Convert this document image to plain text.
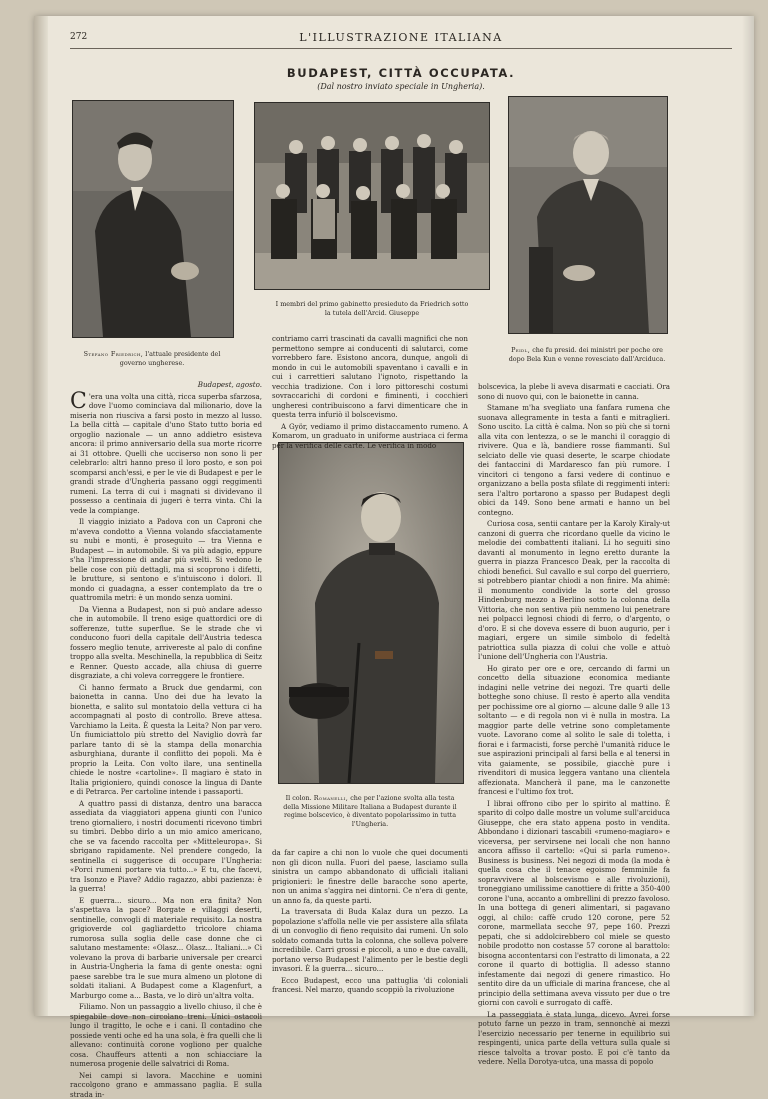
272	L'ILLUSTRAZIONE ITALIANA
BUDAPEST, CITTÀ OCCUPATA.
(Dal nostro inviato speciale in Ungheria).
Stefano Friedrich, l'attuale presidente del governo ungherese.
I membri del primo gabinetto presieduto da Friedrich sotto la tutela dell'Arcid. Giuseppe
Peidl, che fu presid. dei ministri per poche ore dopo Bela Kun e venne rovesciato dall'Arciduca.
Il colon. Romanelli, che per l'azione svolta alla testa della Missione Militare Italiana a Budapest durante il regime bolscevico, è diventato popolarissimo in tutta l'Ungheria.
Budapest, agosto.

C 'era una volta una città, ricca superba sfarzosa, dove l'uomo cominciava dal milionario, dove la miseria non riusciva a farsi posto in mezzo al lusso. La bella città — capitale d'uno Stato tutto boria ed orgoglio nazionale — un anno addietro esisteva ancora: il primo anniversario della sua morte ricorre ai 31 ottobre. Quelli che ucciserso non sono li per celebrarlo: altri hanno preso il loro posto, e son poi scomparsi anch'essi, e per le vie di Budapest e per le grandi strade d'Ungheria passano oggi reggimenti rumeni. La terra di cui i magnati si dividevano il possesso a centinaia di jugeri è terra vinta. Chi la vede la compiange.

Il viaggio iniziato a Padova con un Caproni che m'aveva condotto a Vienna volando sfacciatamente su nubi e monti, è proseguito — tra Vienna e Budapest — in automobile. Si va più adagio, eppure s'ha l'impressione di andar più svelti. Si vedono le belle cose con più dettagli, ma si scoprono i difetti, le brutture, si sentono e s'intuiscono i dolori. Il mondo ci guadagna, a esser contemplato da tre o quattromila metri: è un mondo senza uomini.

Da Vienna a Budapest, non si può andare adesso che in automobile. Il treno esige quattordici ore di sofferenze, tutte superflue. Se le strade che vi conducono fuori della capitale dell'Austria tedesca fossero meglio tenute, arrivereste al palo di confine troppo alla svelta. Meschinella, la repubblica di Seitz e Renner. Questo accade, alla chiusa di guerre disgraziate, a chi voleva correggere le frontiere.

Ci hanno fermato a Bruck due gendarmi, con baionetta in canna. Uno dei due ha levato la bionetta, e salito sul montatoio della vettura ci ha accompagnati al posto di controllo. Breve attesa. Varchiamo la Leita. È questa la Leita? Non par vero. Un fiumiciattolo più stretto del Naviglio dovrà far parlare tanto di sè la stampa della monarchia asburghiana, durante il conflitto dei popoli. Ma è proprio la Leita. Con volto ilare, una sentinella chiede le nostre «cartoline». Il magiaro è stato in Italia prigioniero, quindi conosce la lingua di Dante e di Petrarca. Per cartoline intende i passaporti.

A quattro passi di distanza, dentro una baracca assediata da viaggiatori appena giunti con l'unico treno giornaliero, i nostri documenti ricevono timbri su timbri. Debbo dirlo a un mio amico americano, che se va facendo raccolta per «Mitteleuropa». Si sbrigano rapidamente. Nel prendere congedo, la sentinella ci suggerisce di occupare l'Ungheria: «Porci rumeni portare via tutto...» E tu, che facevi, tra Isonzo e Piave? Addio ragazzo, abbi pazienza: è la guerra!

E guerra... sicuro... Ma non era finita? Non s'aspettava la pace? Borgate e villaggi deserti, sentinelle, convogli di materiale requisito. La nostra grigioverde col gagliardetto tricolore chiama rumorosa sulla soglia delle case donne che ci salutano mestamente: «Olasz... Olasz... Italiani...» Ci volevano la prova di barbarie universale per crearci in Austria-Ungheria la fama di gente onesta: ogni paese sarebbe tra le sue mura almeno un plotone di soldati italiani. A Budapest come a Klagenfurt, a Marburgo come a... Basta, ve lo dirò un'altra volta.

Filiamo. Non un passaggio a livello chiuso, il che è spiegabile dove non circolano treni. Unici ostacoli lungo il tragitto, le oche e i cani. Il contadino che possiede venti oche ed ha una sola, è fra quelli che li allevano: continuità corone vogliono per qualche cosa. Chauffeurs attenti a non schiacciare la numerosa progenie delle salvatrici di Roma.

Nei campi si lavora. Macchine e uomini raccolgono grano e ammassano paglia. E sulla strada in-

contriamo carri trascinati da cavalli magnifici che non permettono sempre ai conducenti di salutarci, come vorrebbero fare. Esistono ancora, dunque, angoli di mondo in cui le automobili spaventano i cavalli e in cui i carrettieri salutano l'ignoto, rispettando la vecchia tradizione. Con i loro pittoreschi costumi sovraccarichi di cordoni e fiminenti, i cocchieri ungheresi contribuiscono a farvi dimenticare che in questa terra infuriò il bolscevismo.

A Györ, vediamo il primo distaccamento rumeno. A Komarom, un graduato in uniforme austriaca ci ferma per la verifica delle carte. Le verifica in modo

da far capire a chi non lo vuole che quei documenti non gli dicon nulla. Fuori del paese, lasciamo sulla sinistra un campo abbandonato di ufficiali italiani prigionieri: le finestre delle baracche sono aperte, non un anima s'aggira nei dintorni. Ce n'era di gente, un anno fa, da queste parti.

La traversata di Buda Kalaz dura un pezzo. La popolazione s'affolla nelle vie per assistere alla sfilata di un convoglio di fieno requisito dai rumeni. Un solo soldato comanda tutta la colonna, che solleva polvere incredibile. Carri grossi e piccoli, a uno e due cavalli, portano verso Budapest l'alimento per le bestie degli invasori. È la guerra... sicuro...

Ecco Budapest, ecco una pattuglia 'di coloniali francesi. Nel marzo, quando scoppiò la rivoluzione

bolscevica, la plebe li aveva disarmati e cacciati. Ora sono di nuovo qui, con le baionette in canna.

Stamane m'ha svegliato una fanfara rumena che suonava allegramente in testa a fanti e mitraglieri. Sono uscito. La città è calma. Non so più che si torni alla vita con lentezza, o se le manchi il coraggio di rivivere. Qua e là, bandiere rosse fiammanti. Sul selciato delle vie quasi deserte, le scarpe chiodate dei fantaccini di Mardaresco fan più rumore. I vincitori ci tengono a farsi vedere di continuo e organizzano a bella posta sfilate di reggimenti interi: sera l'altro portarono a spasso per Budapest degli obici da 149. Sono bene armati e hanno un bel contegno.

Curiosa cosa, sentii cantare per la Karoly Kiraly-ut canzoni di guerra che ricordano quelle da vicino le melodie dei combattenti italiani. Li ho seguiti sino davanti al monumento in legno eretto durante la guerra in piazza Francesco Deak, per la raccolta di chiodi benefici. Sul cavallo e sul corpo del guerriero, si potrebbero piantar chiodi a non finire. Ma ahimè: il monumento condivide la sorte del grosso Hindenburg mezzo a Berlino sotto la colonna della Vittoria, che non sentiva più nemmeno lui penetrare nei polpacci legnosi chiodi di ferro, o d'argento, o d'oro. E si che doveva essere di buon augurio, per i magiari, ergere un simile simbolo di fedeltà patriottica sulla piazza di colui che volle e attuò l'unione dell'Ungheria con l'Austria.

Ho girato per ore e ore, cercando di farmi un concetto della situazione economica mediante indagini nelle vetrine dei negozi. Tre quarti delle botteghe sono chiuse. Il resto è aperto alla vendita per pochissime ore al giorno — alcune dalle 9 alle 13 soltanto — e di regola non vi è nulla in mostra. La maggior parte delle vetrine sono completamente vuote. Lavorano come al solito le sale di toletta, i fiorai e i farmacisti, forse perchè l'umanità riduce le sue aspirazioni principali al farsi bella e al tenersi in vita gaiamente, se possibile, giacchè pure i rivenditori di musica leggera vantano una clientela affezionata. Mancherà il pane, ma le canzonette francesi e l'ultimo fox trot.

I librai offrono cibo per lo spirito al mattino. È sparito di colpo dalle mostre un volume sull'arciduca Giuseppe, che era stato appena posto in vendita. Abbondano i dizionari tascabili «rumeno-magiaro» e viceversa, per servirsene nei locali che non hanno ancora affisso il cartello: «Qui si parla rumeno». Business is business. Nei negozi di moda (la moda è quella cosa che il tenace egoismo femminile fa sopravvivere al bolscevismo e alle rivoluzioni), troneggiano umilissime canottiere di fritte a 350-400 corone l'una, accanto a ombrellini di prezzo favoloso. In una bottega di generi alimentari, si pagavano oggi, al chilo: caffè crudo 120 corone, pere 52 corone, marmellata secche 97, pepe 160. Prezzi pepati, che si addolcirebbero col miele se questo nobile prodotto non costasse 57 corone al barattolo: bisogna accontentarsi con l'estratto di limonata, a 22 corone il quarto di bottiglia. Il adesso stanno infestamente dai negozi di genere rimastico. Ho sentito dire da un ufficiale di marina francese, che al principio della settimana aveva vissuto per due o tre giorni con cavoli e surrogato di caffè.

La passeggiata è stata lunga, dicevo. Avrei forse potuto farne un pezzo in tram, sennonchè ai mezzi l'esercizio necessario per tenerne in equilibrio sui respingenti, unica parte della vettura sulla quale si riesce talvolta a trovar posto. E poi c'è tanto da vedere. Nella Dorotya-utca, una massa di popolo
